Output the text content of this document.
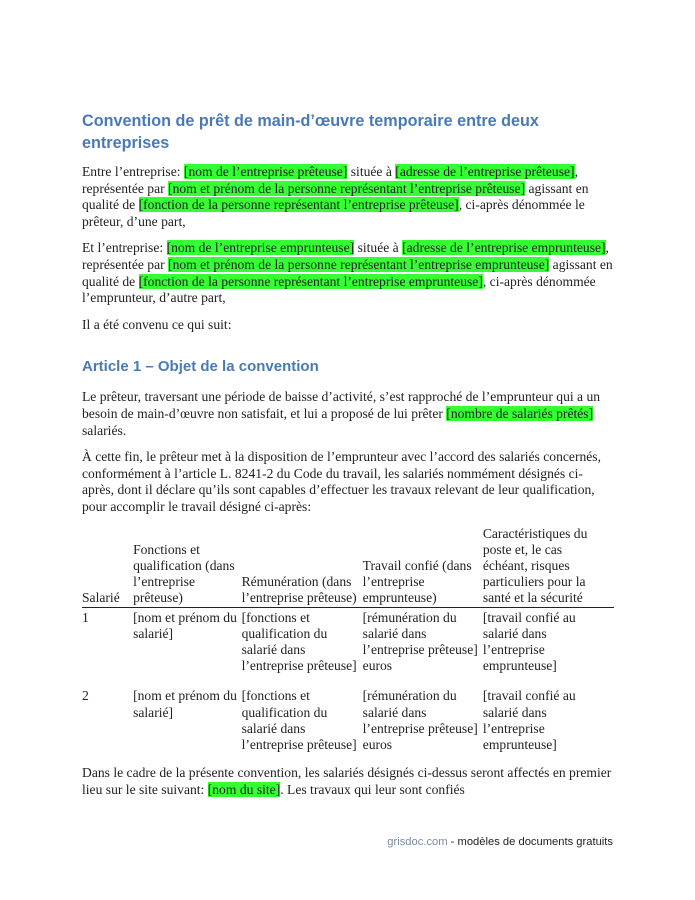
Convention de prêt de main-d’œuvre temporaire entre deux entreprises

Entre l’entreprise: [nom de l’entreprise prêteuse] située à [adresse de l’entreprise prêteuse], représentée par [nom et prénom de la personne représentant l’entreprise prêteuse] agissant en qualité de [fonction de la personne représentant l’entreprise prêteuse], ci-après dénommée le prêteur, d’une part,

Et l’entreprise: [nom de l’entreprise emprunteuse] située à [adresse de l’entreprise emprunteuse], représentée par [nom et prénom de la personne représentant l’entreprise emprunteuse] agissant en qualité de [fonction de la personne représentant l’entreprise emprunteuse], ci-après dénommée l’emprunteur, d’autre part,

Il a été convenu ce qui suit:

Article 1 – Objet de la convention

Le prêteur, traversant une période de baisse d’activité, s’est rapproché de l’emprunteur qui a un besoin de main-d’œuvre non satisfait, et lui a proposé de lui prêter [nombre de salariés prêtés] salariés.

À cette fin, le prêteur met à la disposition de l’emprunteur avec l’accord des salariés concernés, conformément à l’article L. 8241-2 du Code du travail, les salariés nommément désignés ci-après, dont il déclare qu’ils sont capables d’effectuer les travaux relevant de leur qualification, pour accomplir le travail désigné ci-après:

Salarié	Fonctions et qualification (dans l’entreprise prêteuse)	Rémunération (dans l’entreprise prêteuse)	Travail confié (dans l’entreprise emprunteuse)	Caractéristiques du poste et, le cas échéant, risques particuliers pour la santé et la sécurité
1	[nom et prénom du salarié]	[fonctions et qualification du salarié dans l’entreprise prêteuse]	[rémunération du salarié dans l’entreprise prêteuse] euros	[travail confié au salarié dans l’entreprise emprunteuse]
2	[nom et prénom du salarié]	[fonctions et qualification du salarié dans l’entreprise prêteuse]	[rémunération du salarié dans l’entreprise prêteuse] euros	[travail confié au salarié dans l’entreprise emprunteuse]

Dans le cadre de la présente convention, les salariés désignés ci-dessus seront affectés en premier lieu sur le site suivant: [nom du site]. Les travaux qui leur sont confiés

grisdoc.com - modèles de documents gratuits
